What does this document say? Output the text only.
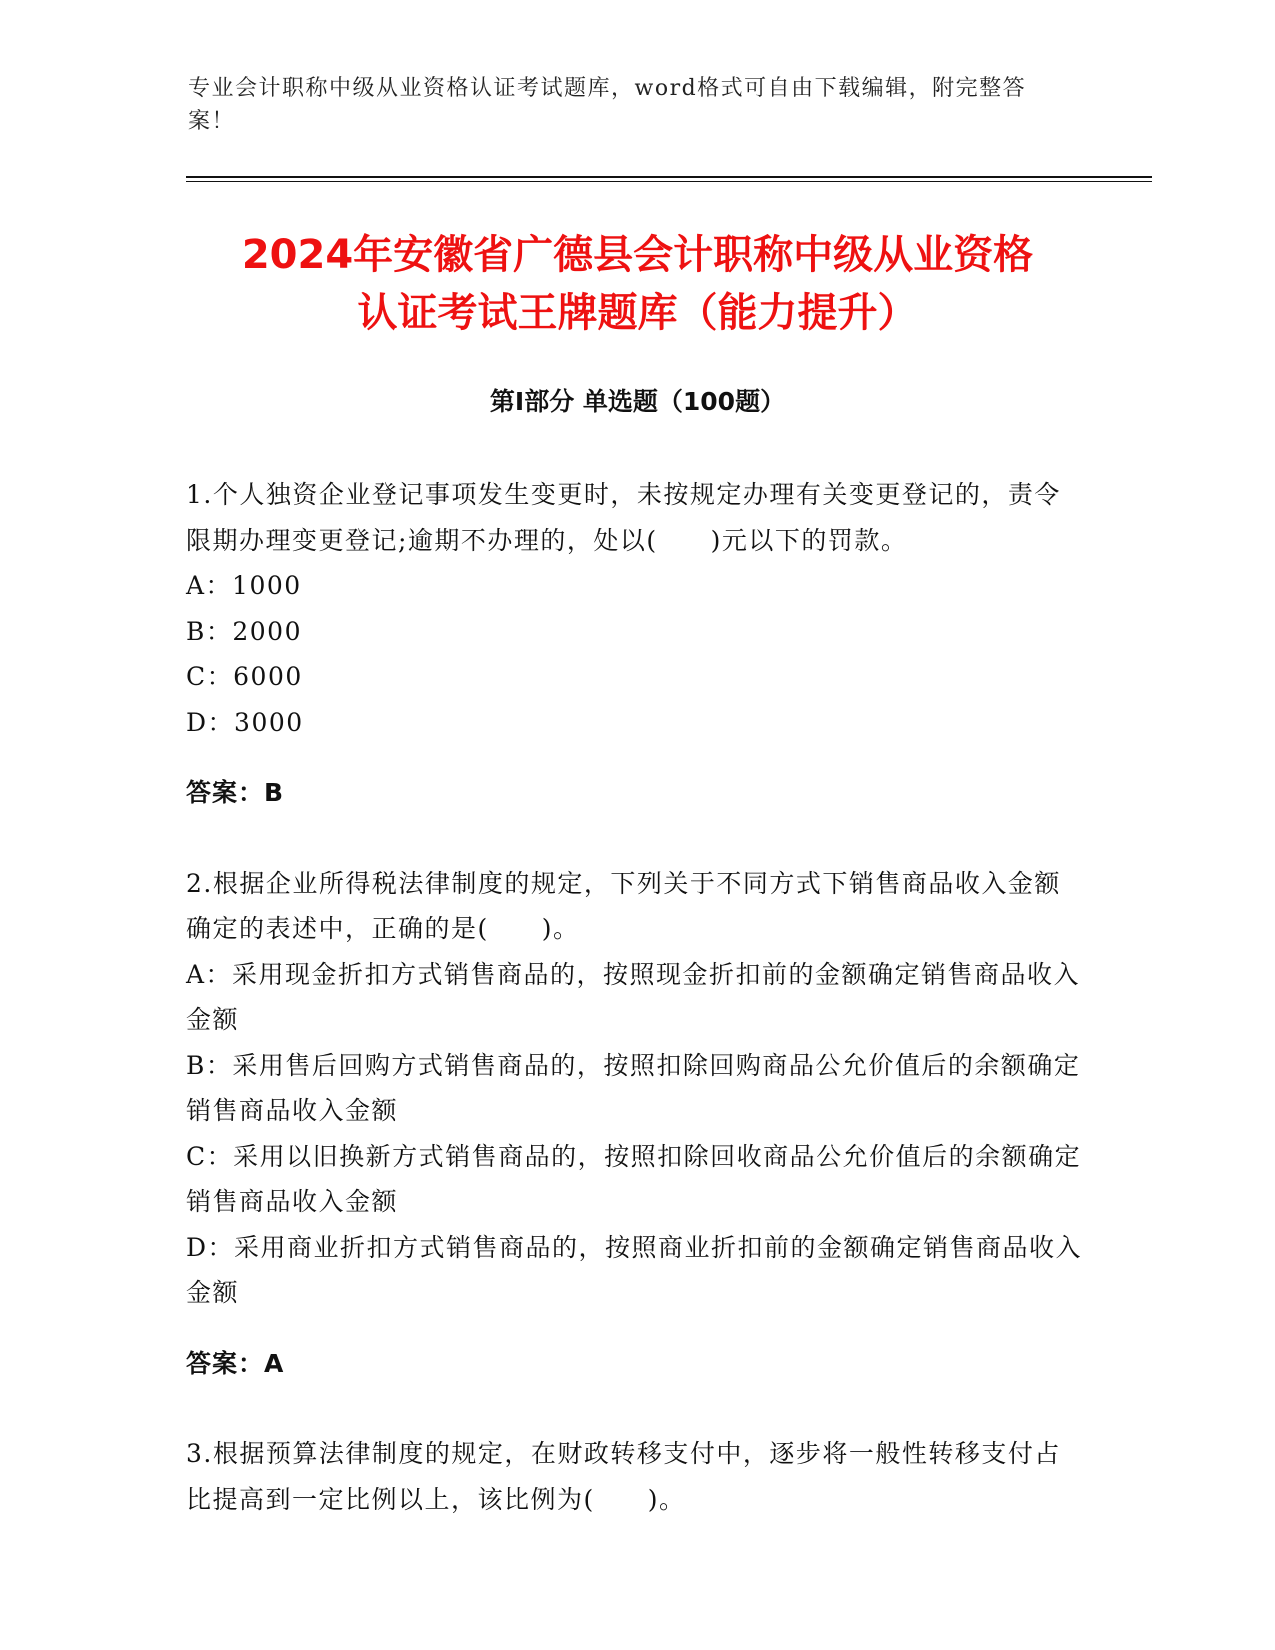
专业会计职称中级从业资格认证考试题库，word格式可自由下载编辑，附完整答案！
2024年安徽省广德县会计职称中级从业资格
认证考试王牌题库（能力提升）
第Ⅰ部分 单选题（100题）

1.个人独资企业登记事项发生变更时，未按规定办理有关变更登记的，责令限期办理变更登记;逾期不办理的，处以(　　)元以下的罚款。

A：1000

B：2000

C：6000

D：3000

答案：B

2.根据企业所得税法律制度的规定，下列关于不同方式下销售商品收入金额确定的表述中，正确的是(　　)。

A：采用现金折扣方式销售商品的，按照现金折扣前的金额确定销售商品收入金额

B：采用售后回购方式销售商品的，按照扣除回购商品公允价值后的余额确定销售商品收入金额

C：采用以旧换新方式销售商品的，按照扣除回收商品公允价值后的余额确定销售商品收入金额

D：采用商业折扣方式销售商品的，按照商业折扣前的金额确定销售商品收入金额

答案：A

3.根据预算法律制度的规定，在财政转移支付中，逐步将一般性转移支付占比提高到一定比例以上，该比例为(　　)。
